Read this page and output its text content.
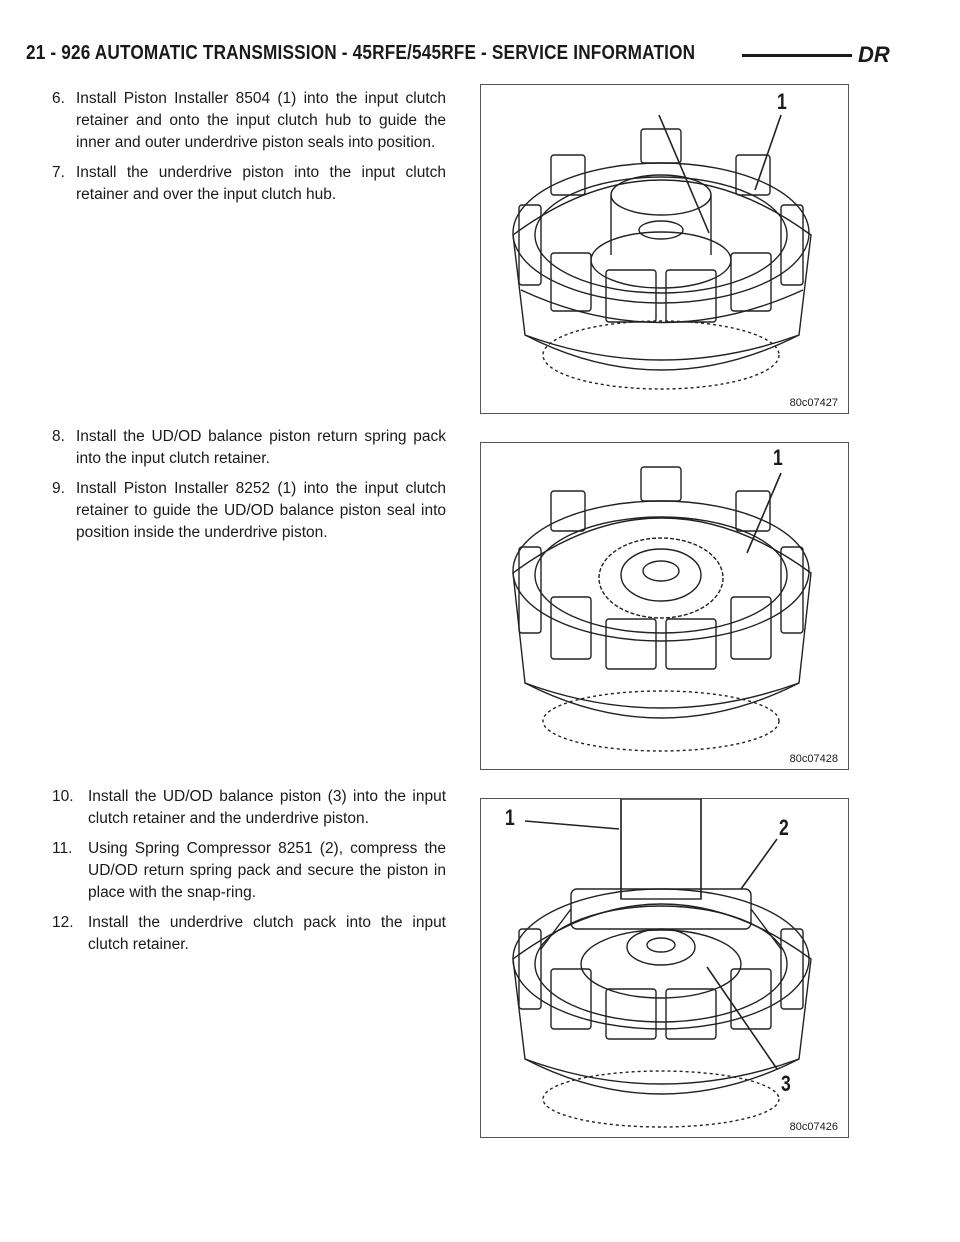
21 - 926 AUTOMATIC TRANSMISSION - 45RFE/545RFE - SERVICE INFORMATION	DR
6. Install Piston Installer 8504 (1) into the input clutch retainer and onto the input clutch hub to guide the inner and outer underdrive piston seals into position.
7. Install the underdrive piston into the input clutch retainer and over the input clutch hub.
1
80c07427
8. Install the UD/OD balance piston return spring pack into the input clutch retainer.
9. Install Piston Installer 8252 (1) into the input clutch retainer to guide the UD/OD balance piston seal into position inside the underdrive piston.
1
80c07428
10. Install the UD/OD balance piston (3) into the input clutch retainer and the underdrive piston.
11. Using Spring Compressor 8251 (2), compress the UD/OD return spring pack and secure the piston in place with the snap-ring.
12. Install the underdrive clutch pack into the input clutch retainer.
1	2
3
80c07426
